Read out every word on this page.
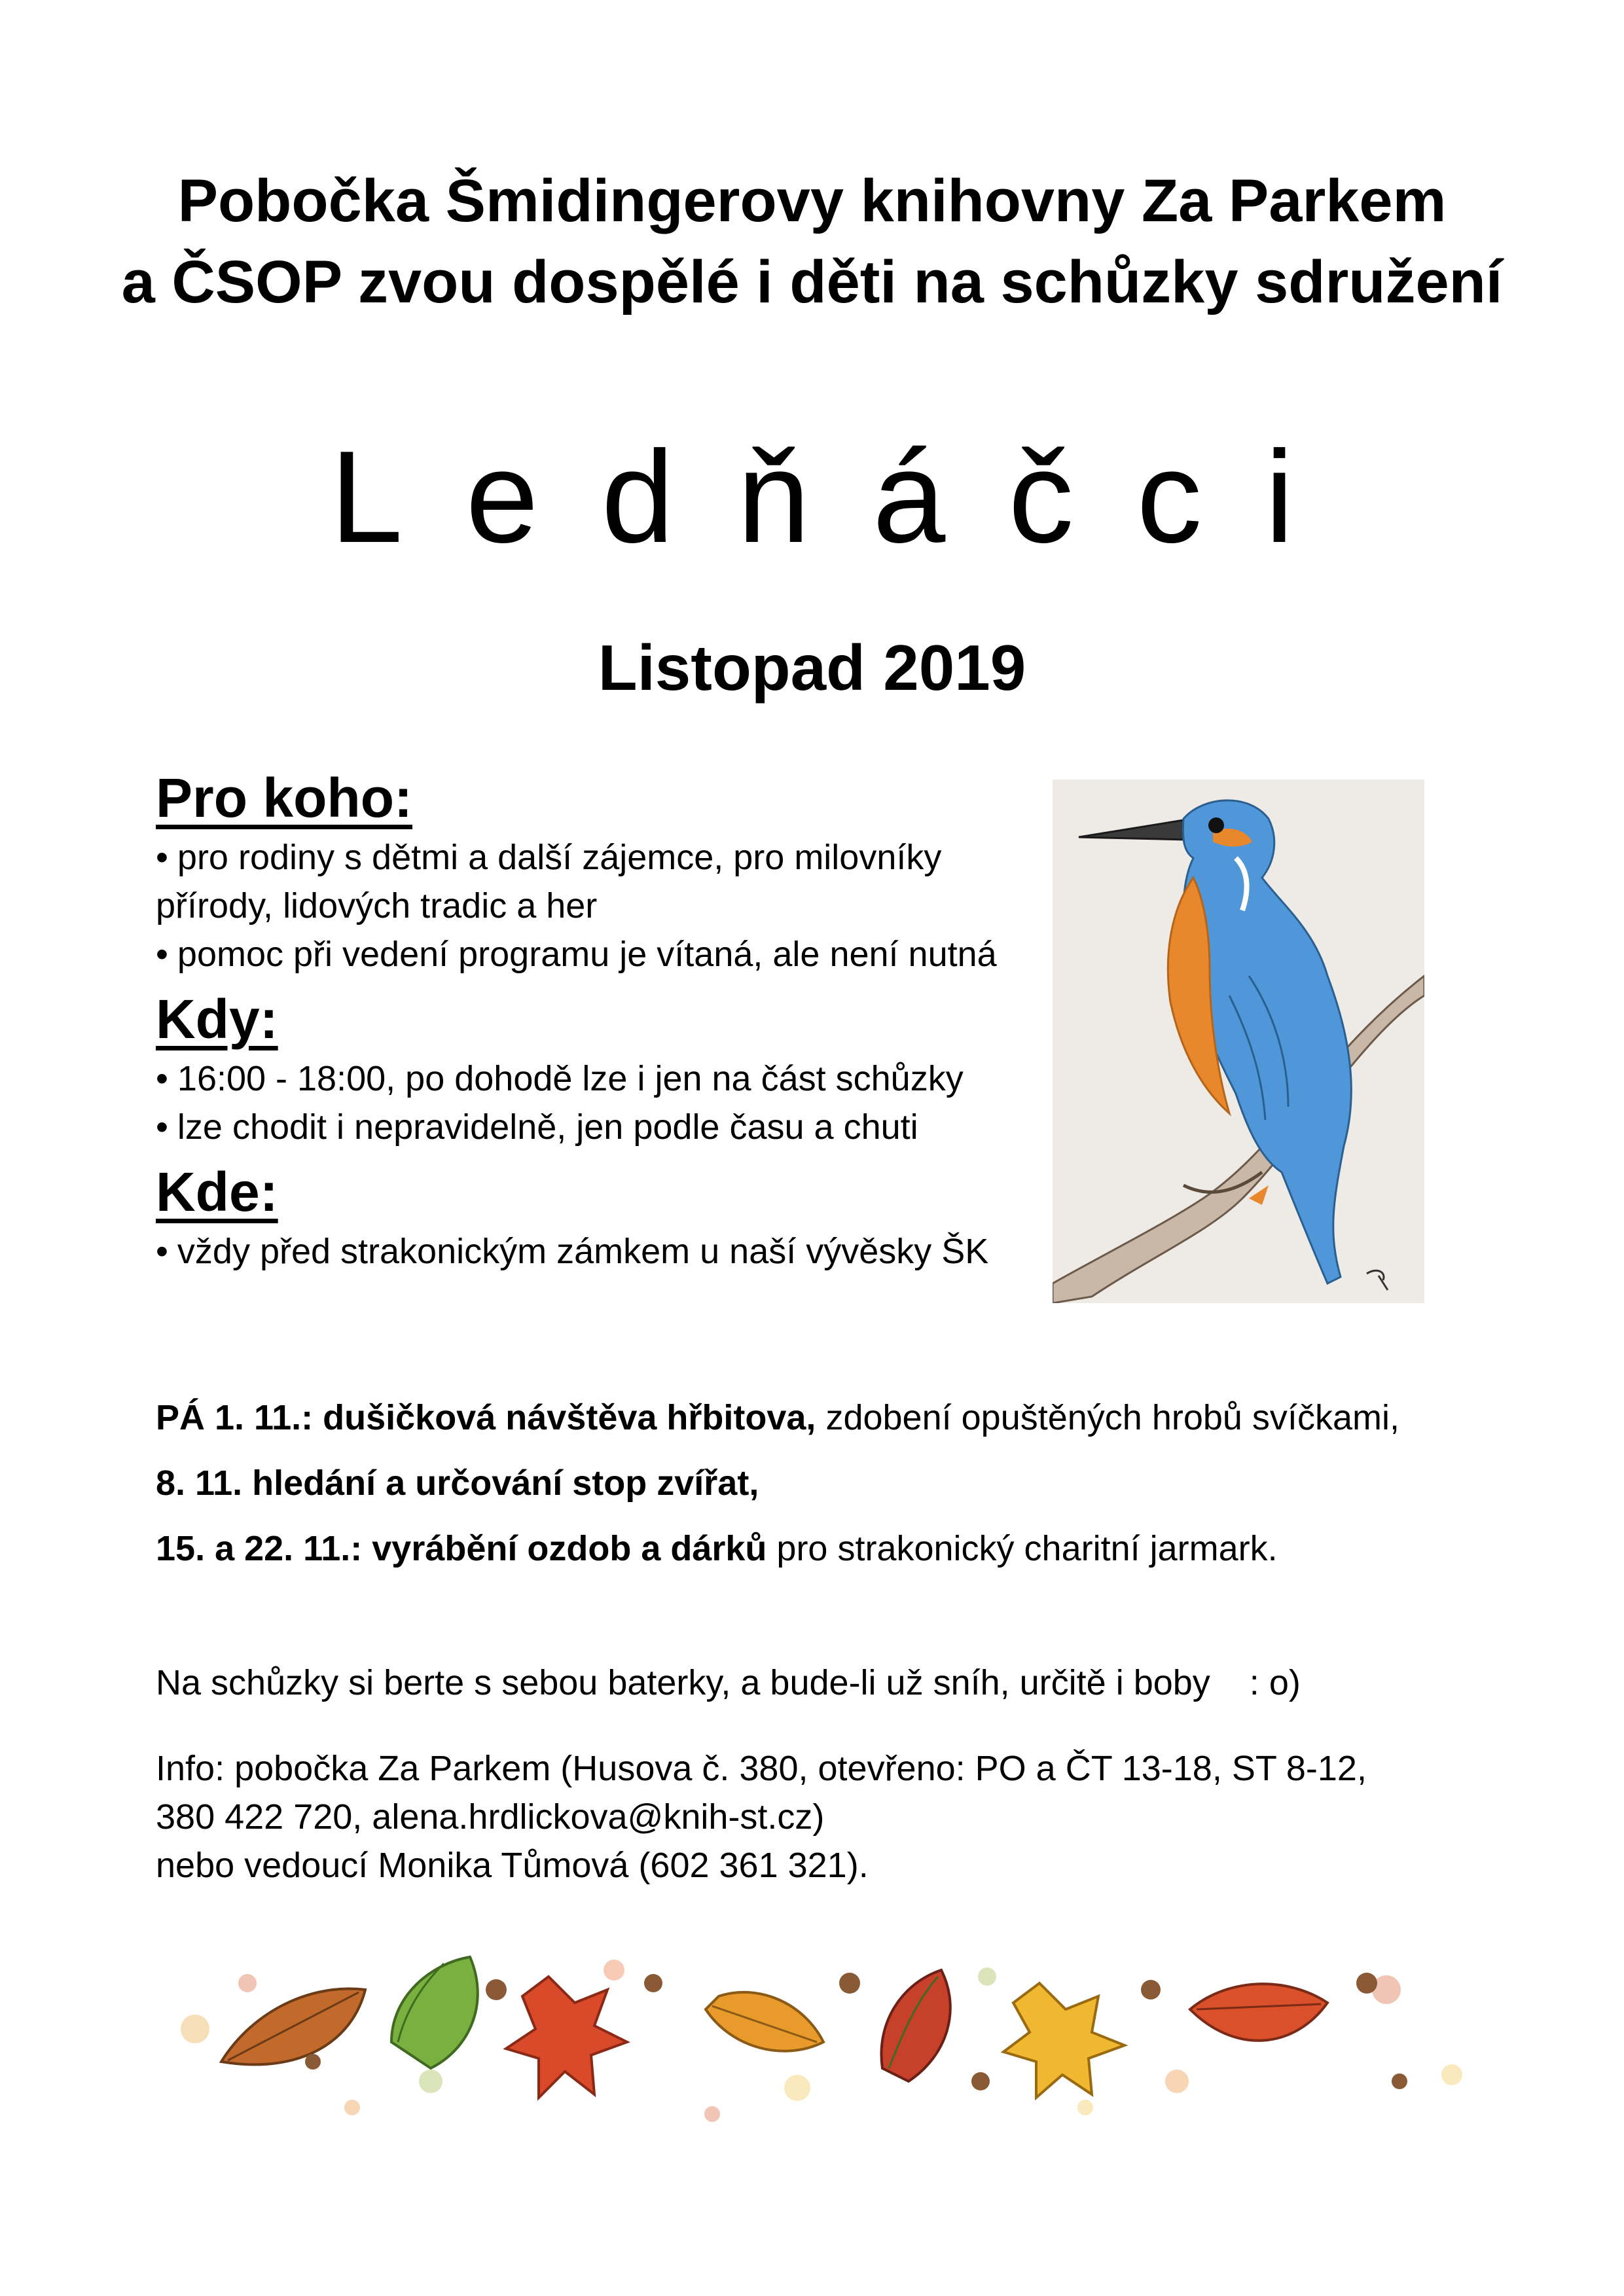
Pobočka Šmidingerovy knihovny Za Parkem
a ČSOP zvou dospělé i děti na schůzky sdružení
Ledňáčci
Listopad 2019
Pro koho:
• pro rodiny s dětmi a další zájemce, pro milovníky přírody, lidových tradic a her
• pomoc při vedení programu je vítaná, ale není nutná
Kdy:
• 16:00 - 18:00, po dohodě lze i jen na část schůzky
• lze chodit i nepravidelně, jen podle času a chuti
Kde:
• vždy před strakonickým zámkem u naší vývěsky ŠK

PÁ 1. 11.: dušičková návštěva hřbitova, zdobení opuštěných hrobů svíčkami,

8. 11. hledání a určování stop zvířat,

15. a 22. 11.: vyrábění ozdob a dárků pro strakonický charitní jarmark.

Na schůzky si berte s sebou baterky, a bude-li už sníh, určitě i boby    : o)
Info: pobočka Za Parkem (Husova č. 380, otevřeno: PO a ČT 13-18, ST 8-12,
380 422 720, alena.hrdlickova@knih-st.cz)
nebo vedoucí Monika Tůmová (602 361 321).
